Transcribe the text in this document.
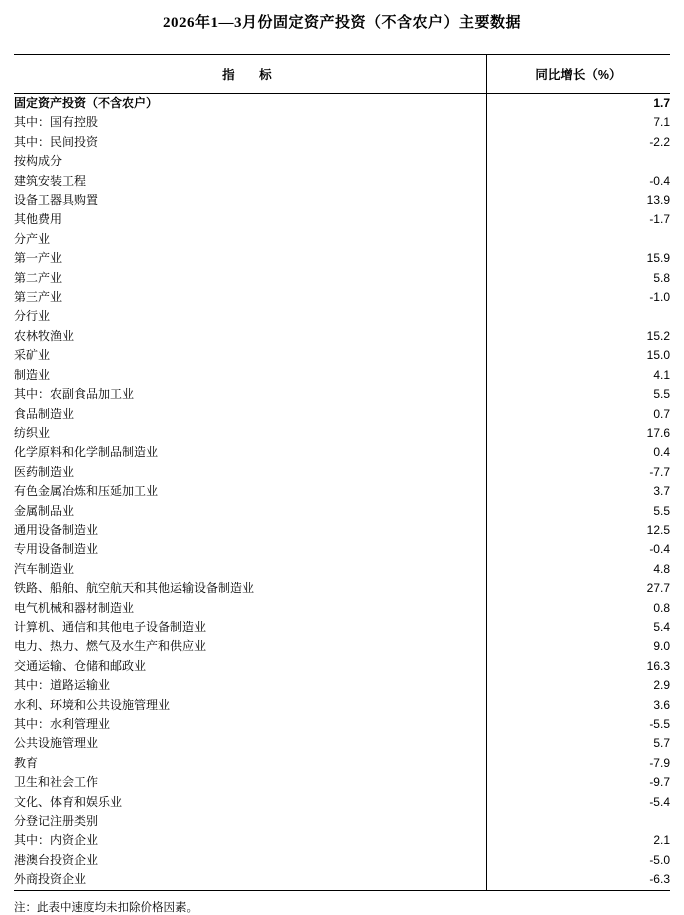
2026年1—3月份固定资产投资（不含农户）主要数据
指　标	同比增长（%）
固定资产投资（不含农户）	1.7
其中：国有控股	7.1
其中：民间投资	-2.2
按构成分	
建筑安装工程	-0.4
设备工器具购置	13.9
其他费用	-1.7
分产业	
第一产业	15.9
第二产业	5.8
第三产业	-1.0
分行业	
农林牧渔业	15.2
采矿业	15.0
制造业	4.1
其中：农副食品加工业	5.5
食品制造业	0.7
纺织业	17.6
化学原料和化学制品制造业	0.4
医药制造业	-7.7
有色金属冶炼和压延加工业	3.7
金属制品业	5.5
通用设备制造业	12.5
专用设备制造业	-0.4
汽车制造业	4.8
铁路、船舶、航空航天和其他运输设备制造业	27.7
电气机械和器材制造业	0.8
计算机、通信和其他电子设备制造业	5.4
电力、热力、燃气及水生产和供应业	9.0
交通运输、仓储和邮政业	16.3
其中：道路运输业	2.9
水利、环境和公共设施管理业	3.6
其中：水利管理业	-5.5
公共设施管理业	5.7
教育	-7.9
卫生和社会工作	-9.7
文化、体育和娱乐业	-5.4
分登记注册类别	
其中：内资企业	2.1
港澳台投资企业	-5.0
外商投资企业	-6.3
注：此表中速度均未扣除价格因素。
